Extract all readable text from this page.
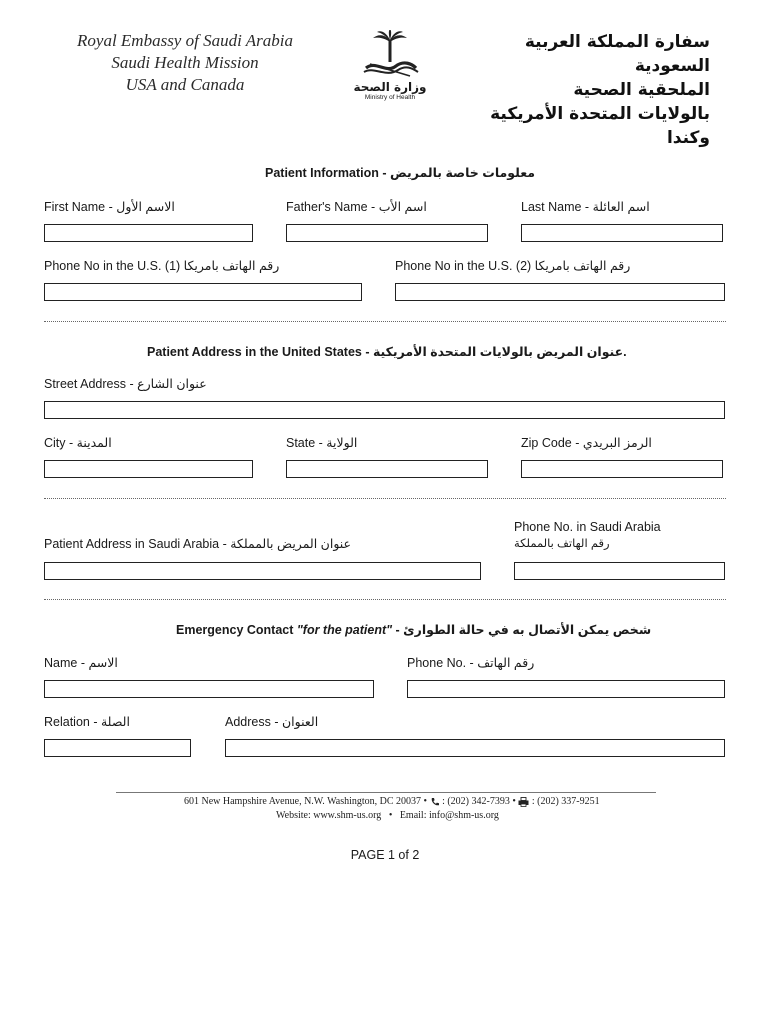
Royal Embassy of Saudi Arabia
Saudi Health Mission
USA and Canada	وزارة الصحة
Ministry of Health
سفارة المملكة العربية السعودية
الملحقية الصحية
بالولايات المتحدة الأمريكية وكندا
Patient Information - معلومات خاصة بالمريض
First Name - الاسم الأول	Father's Name - اسم الأب	Last Name - اسم العائلة
Phone No in the U.S. (1) رقم الهاتف بامريكا	Phone No in the U.S. (2) رقم الهاتف بامريكا
Patient Address in the United States - عنوان المريض بالولايات المتحدة الأمريكية.
Street Address - عنوان الشارع
City - المدينة	State - الولاية	Zip Code - الرمز البريدي
Phone No. in Saudi Arabia
رقم الهاتف بالمملكة
Patient Address in Saudi Arabia - عنوان المريض بالمملكة
Emergency Contact "for the patient" - شخص يمكن الأتصال به في حالة الطوارئ
Name - الاسم	Phone No. - رقم الهاتف
Relation - الصلة	Address - العنوان
601 New Hampshire Avenue, N.W. Washington, DC 20037 • : (202) 342-7393 • : (202) 337-9251
Website: www.shm-us.org • Email: info@shm-us.org
PAGE 1 of 2
